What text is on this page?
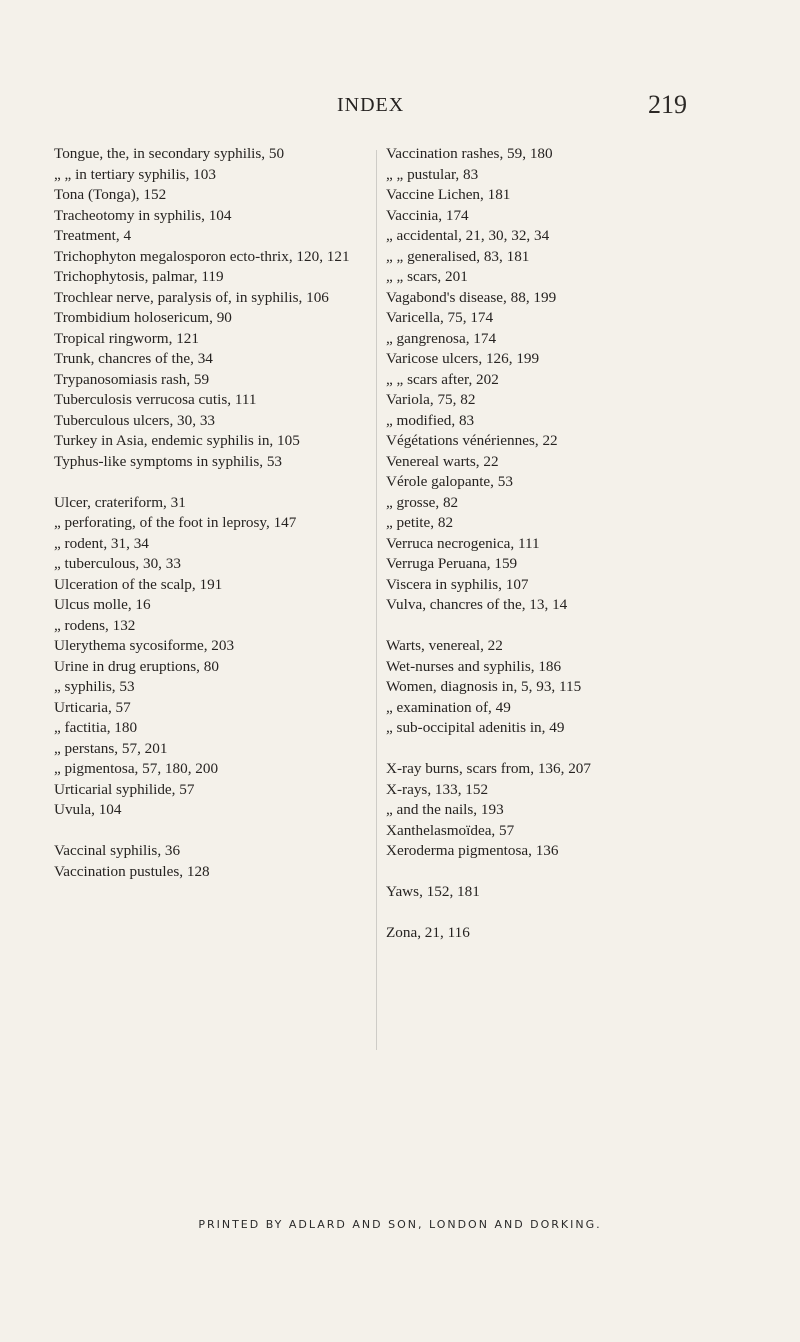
INDEX	219
Tongue, the, in secondary syphilis, 50
„ „ in tertiary syphilis, 103
Tona (Tonga), 152
Tracheotomy in syphilis, 104
Treatment, 4
Trichophyton megalosporon ecto-thrix, 120, 121
Trichophytosis, palmar, 119
Trochlear nerve, paralysis of, in syphilis, 106
Trombidium holosericum, 90
Tropical ringworm, 121
Trunk, chancres of the, 34
Trypanosomiasis rash, 59
Tuberculosis verrucosa cutis, 111
Tuberculous ulcers, 30, 33
Turkey in Asia, endemic syphilis in, 105
Typhus-like symptoms in syphilis, 53
Ulcer, crateriform, 31
„ perforating, of the foot in leprosy, 147
„ rodent, 31, 34
„ tuberculous, 30, 33
Ulceration of the scalp, 191
Ulcus molle, 16
„ rodens, 132
Ulerythema sycosiforme, 203
Urine in drug eruptions, 80
„ syphilis, 53
Urticaria, 57
„ factitia, 180
„ perstans, 57, 201
„ pigmentosa, 57, 180, 200
Urticarial syphilide, 57
Uvula, 104
Vaccinal syphilis, 36
Vaccination pustules, 128
Vaccination rashes, 59, 180
„ „ pustular, 83
Vaccine Lichen, 181
Vaccinia, 174
„ accidental, 21, 30, 32, 34
„ „ generalised, 83, 181
„ „ scars, 201
Vagabond's disease, 88, 199
Varicella, 75, 174
„ gangrenosa, 174
Varicose ulcers, 126, 199
„ „ scars after, 202
Variola, 75, 82
„ modified, 83
Végétations vénériennes, 22
Venereal warts, 22
Vérole galopante, 53
„ grosse, 82
„ petite, 82
Verruca necrogenica, 111
Verruga Peruana, 159
Viscera in syphilis, 107
Vulva, chancres of the, 13, 14
Warts, venereal, 22
Wet-nurses and syphilis, 186
Women, diagnosis in, 5, 93, 115
„ examination of, 49
„ sub-occipital adenitis in, 49
X-ray burns, scars from, 136, 207
X-rays, 133, 152
„ and the nails, 193
Xanthelasmoïdea, 57
Xeroderma pigmentosa, 136
Yaws, 152, 181
Zona, 21, 116
PRINTED BY ADLARD AND SON, LONDON AND DORKING.
